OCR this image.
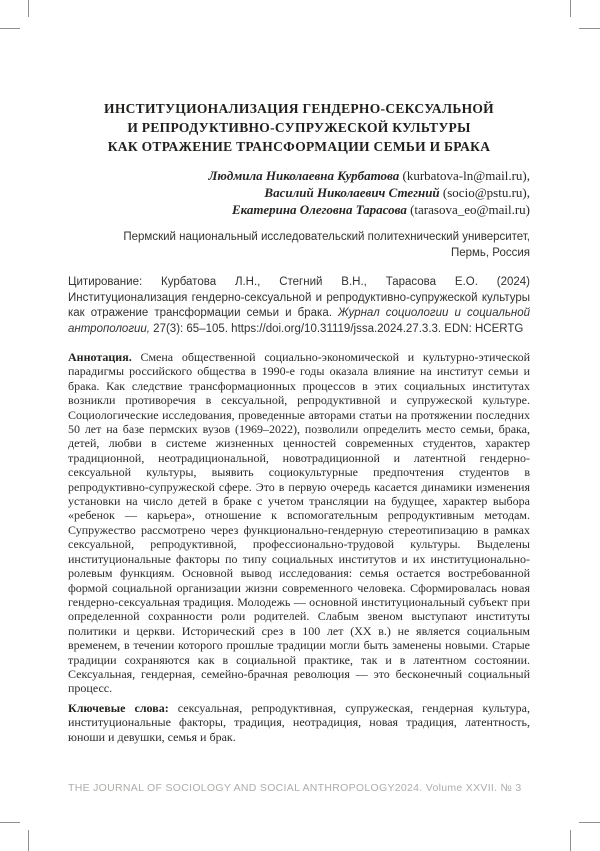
ИНСТИТУЦИОНАЛИЗАЦИЯ ГЕНДЕРНО-СЕКСУАЛЬНОЙ
И РЕПРОДУКТИВНО-СУПРУЖЕСКОЙ КУЛЬТУРЫ
КАК ОТРАЖЕНИЕ ТРАНСФОРМАЦИИ СЕМЬИ И БРАКА
Людмила Николаевна Курбатова (kurbatova-ln@mail.ru),
Василий Николаевич Стегний (socio@pstu.ru),
Екатерина Олеговна Тарасова (tarasova_eo@mail.ru)
Пермский национальный исследовательский политехнический университет,
Пермь, Россия

Цитирование: Курбатова Л.Н., Стегний В.Н., Тарасова Е.О. (2024) Институционализация гендерно-сексуальной и репродуктивно-супружеской культуры как отражение трансформации семьи и брака. Журнал социологии и социальной антропологии, 27(3): 65–105. https://doi.org/10.31119/jssa.2024.27.3.3. EDN: HCERTG

Аннотация. Смена общественной социально-экономической и культурно-этической парадигмы российского общества в 1990-е годы оказала влияние на институт семьи и брака. Как следствие трансформационных процессов в этих социальных институтах возникли противоречия в сексуальной, репродуктивной и супружеской культуре. Социологические исследования, проведенные авторами статьи на протяжении последних 50 лет на базе пермских вузов (1969–2022), позволили определить место семьи, брака, детей, любви в системе жизненных ценностей современных студентов, характер традиционной, неотрадициональной, новотрадиционной и латентной гендерно-сексуальной культуры, выявить социокультурные предпочтения студентов в репродуктивно-супружеской сфере. Это в первую очередь касается динамики изменения установки на число детей в браке с учетом трансляции на будущее, характер выбора «ребенок — карьера», отношение к вспомогательным репродуктивным методам. Супружество рассмотрено через функционально-гендерную стереотипизацию в рамках сексуальной, репродуктивной, профессионально-трудовой культуры. Выделены институциональные факторы по типу социальных институтов и их институционально-ролевым функциям. Основной вывод исследования: семья остается востребованной формой социальной организации жизни современного человека. Сформировалась новая гендерно-сексуальная традиция. Молодежь — основной институциональный субъект при определенной сохранности роли родителей. Слабым звеном выступают институты политики и церкви. Исторический срез в 100 лет (XX в.) не является социальным временем, в течении которого прошлые традиции могли быть заменены новыми. Старые традиции сохраняются как в социальной практике, так и в латентном состоянии. Сексуальная, гендерная, семейно-брачная революция — это бесконечный социальный процесс.

Ключевые слова: сексуальная, репродуктивная, супружеская, гендерная культура, институциональные факторы, традиция, неотрадиция, новая традиция, латентность, юноши и девушки, семья и брак.

THE JOURNAL OF SOCIOLOGY AND SOCIAL ANTHROPOLOGY 2024. Volume XXVII. № 3
